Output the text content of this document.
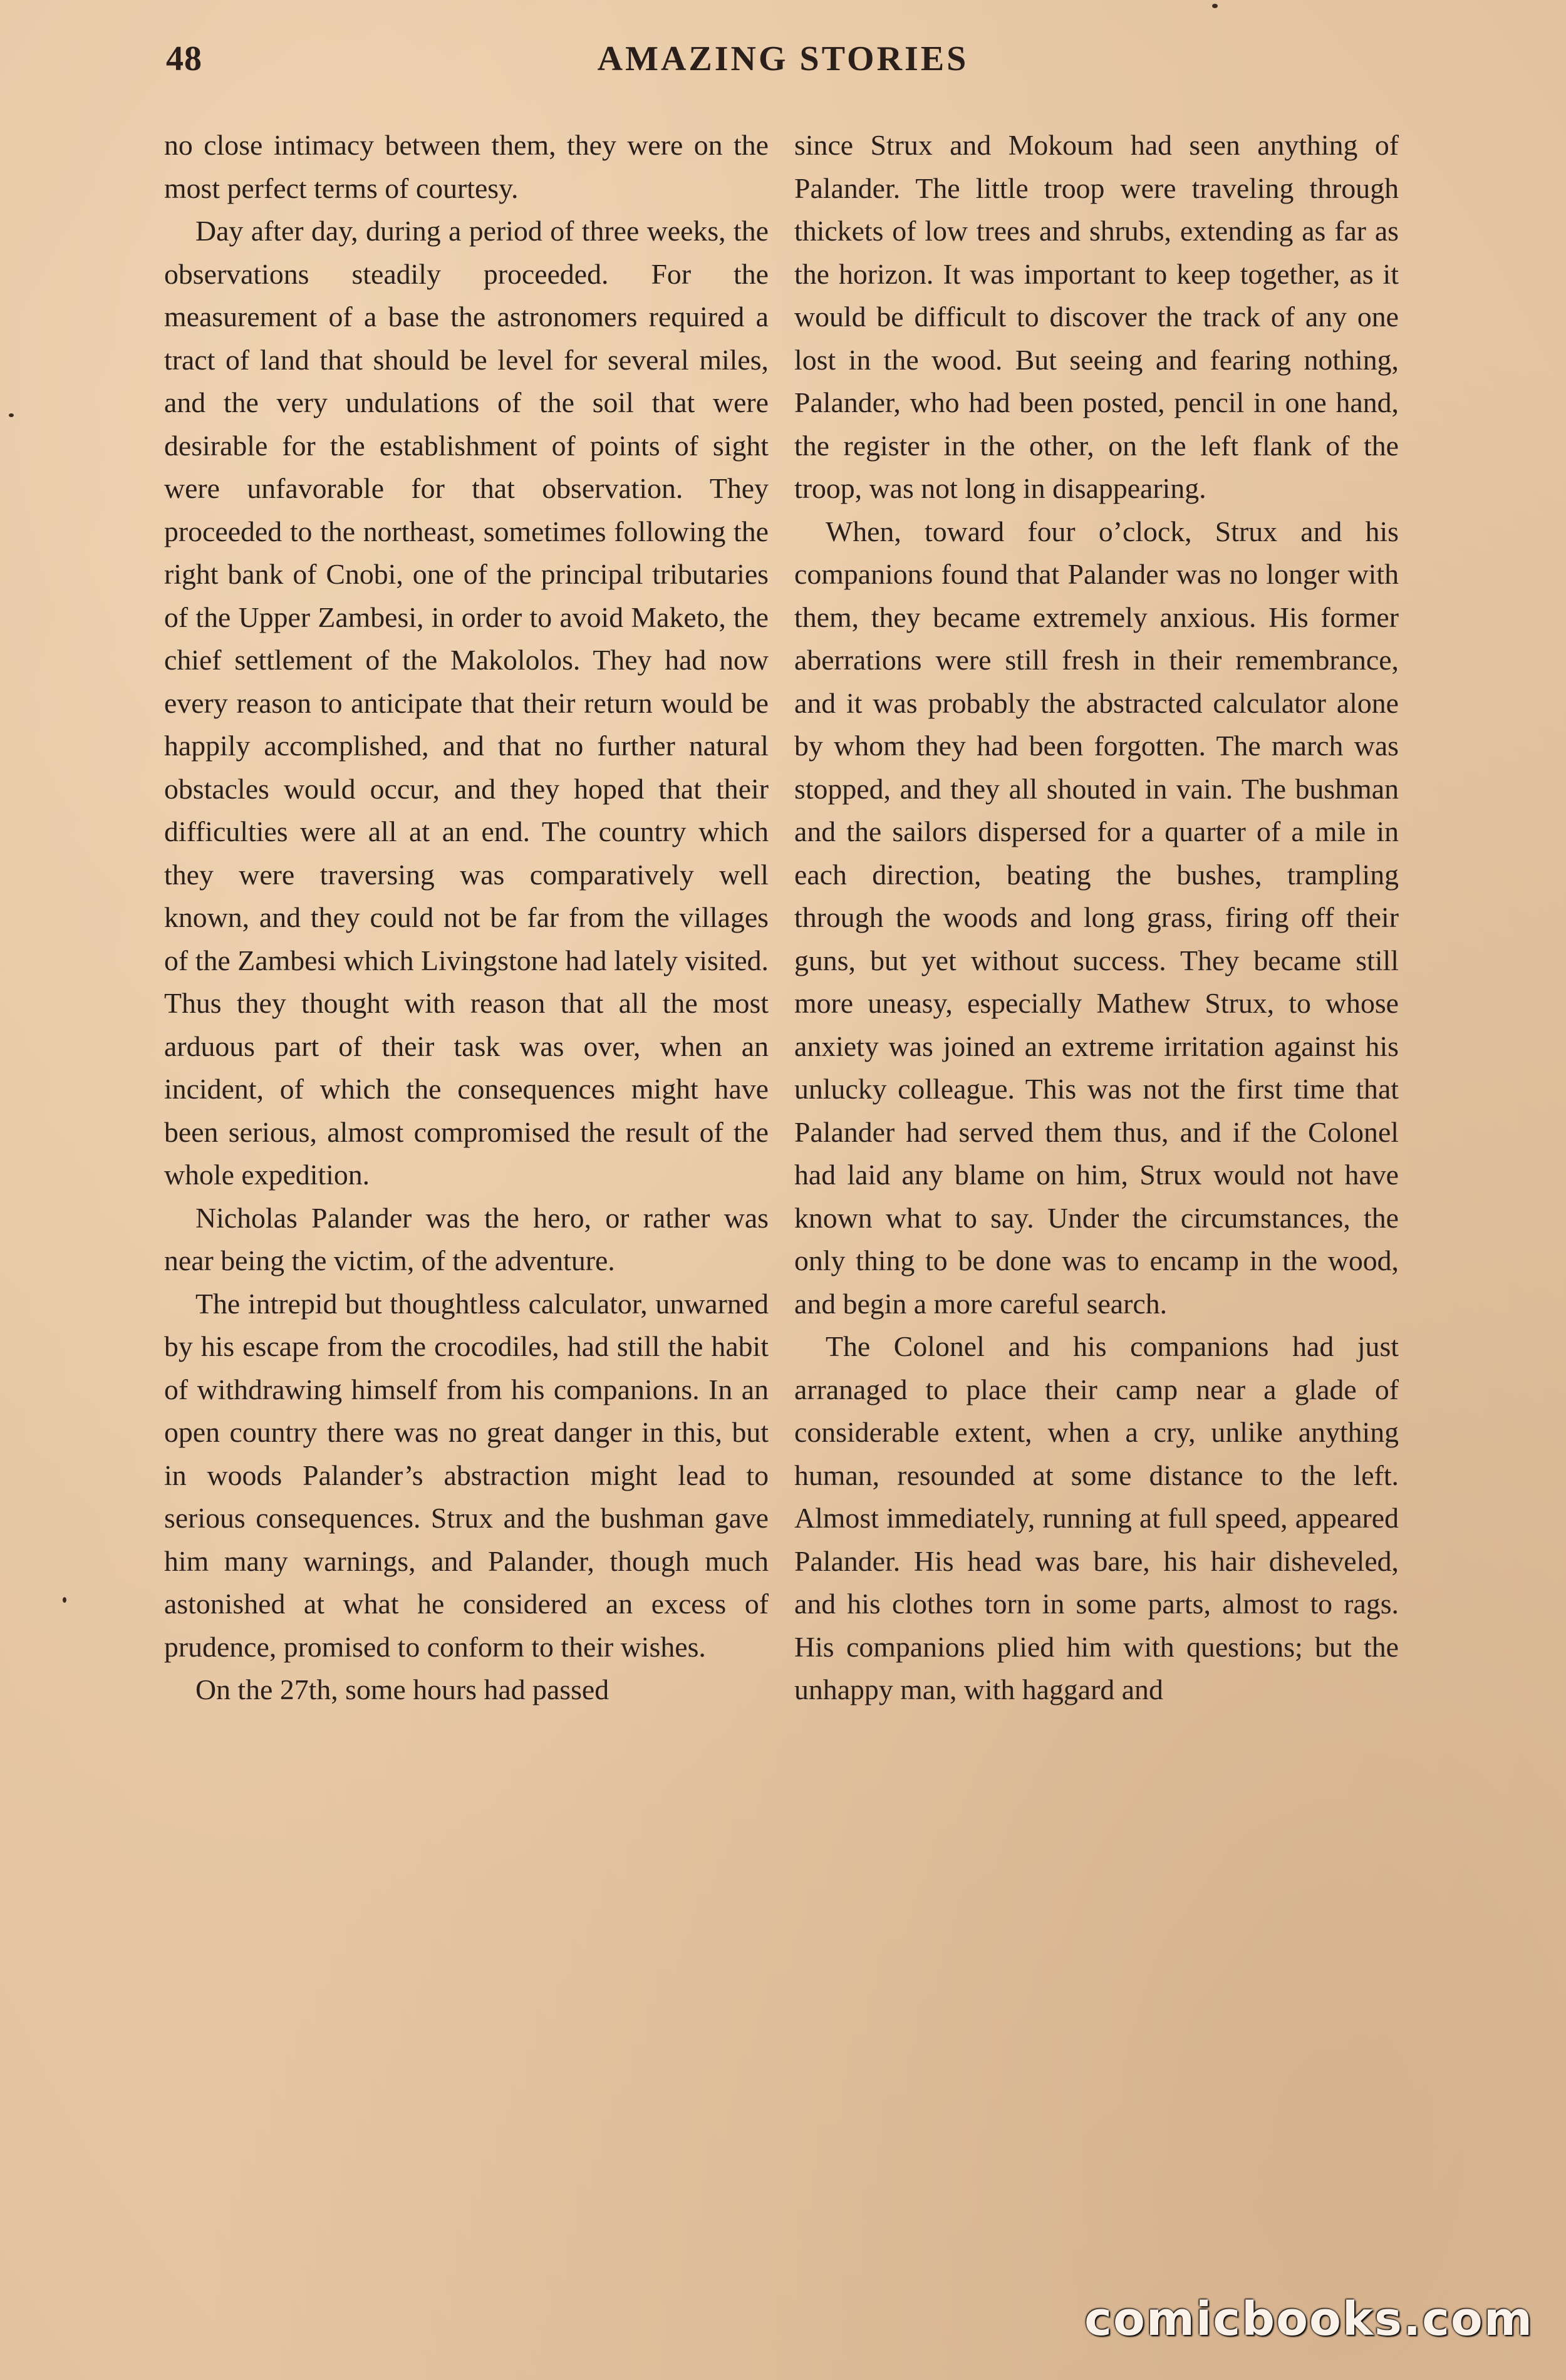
48	AMAZING STORIES

no close intimacy between them, they were on the most perfect terms of courtesy.

Day after day, during a period of three weeks, the observations steadily proceeded. For the measurement of a base the astronomers required a tract of land that should be level for several miles, and the very undulations of the soil that were desirable for the establishment of points of sight were unfavorable for that observation. They proceeded to the northeast, sometimes following the right bank of Cnobi, one of the principal tributaries of the Upper Zambesi, in order to avoid Maketo, the chief settlement of the Makololos. They had now every reason to anticipate that their return would be happily accomplished, and that no further natural obstacles would occur, and they hoped that their difficulties were all at an end. The country which they were traversing was comparatively well known, and they could not be far from the villages of the Zambesi which Livingstone had lately visited. Thus they thought with reason that all the most arduous part of their task was over, when an incident, of which the consequences might have been serious, almost compromised the result of the whole expedition.

Nicholas Palander was the hero, or rather was near being the victim, of the adventure.

The intrepid but thoughtless calculator, unwarned by his escape from the crocodiles, had still the habit of withdrawing himself from his companions. In an open country there was no great danger in this, but in woods Palander’s abstraction might lead to serious consequences. Strux and the bushman gave him many warnings, and Palander, though much astonished at what he considered an excess of prudence, promised to conform to their wishes.

On the 27th, some hours had passed

since Strux and Mokoum had seen anything of Palander. The little troop were traveling through thickets of low trees and shrubs, extending as far as the horizon. It was important to keep together, as it would be difficult to discover the track of any one lost in the wood. But seeing and fearing nothing, Palander, who had been posted, pencil in one hand, the register in the other, on the left flank of the troop, was not long in disappearing.

When, toward four o’clock, Strux and his companions found that Palander was no longer with them, they became extremely anxious. His former aberrations were still fresh in their remembrance, and it was probably the abstracted calculator alone by whom they had been forgotten. The march was stopped, and they all shouted in vain. The bushman and the sailors dispersed for a quarter of a mile in each direction, beating the bushes, trampling through the woods and long grass, firing off their guns, but yet without success. They became still more uneasy, especially Mathew Strux, to whose anxiety was joined an extreme irritation against his unlucky colleague. This was not the first time that Palander had served them thus, and if the Colonel had laid any blame on him, Strux would not have known what to say. Under the circumstances, the only thing to be done was to encamp in the wood, and begin a more careful search.

The Colonel and his companions had just arranaged to place their camp near a glade of considerable extent, when a cry, unlike anything human, resounded at some distance to the left. Almost immediately, running at full speed, appeared Palander. His head was bare, his hair disheveled, and his clothes torn in some parts, almost to rags. His companions plied him with questions; but the unhappy man, with haggard and

comicbooks.com
